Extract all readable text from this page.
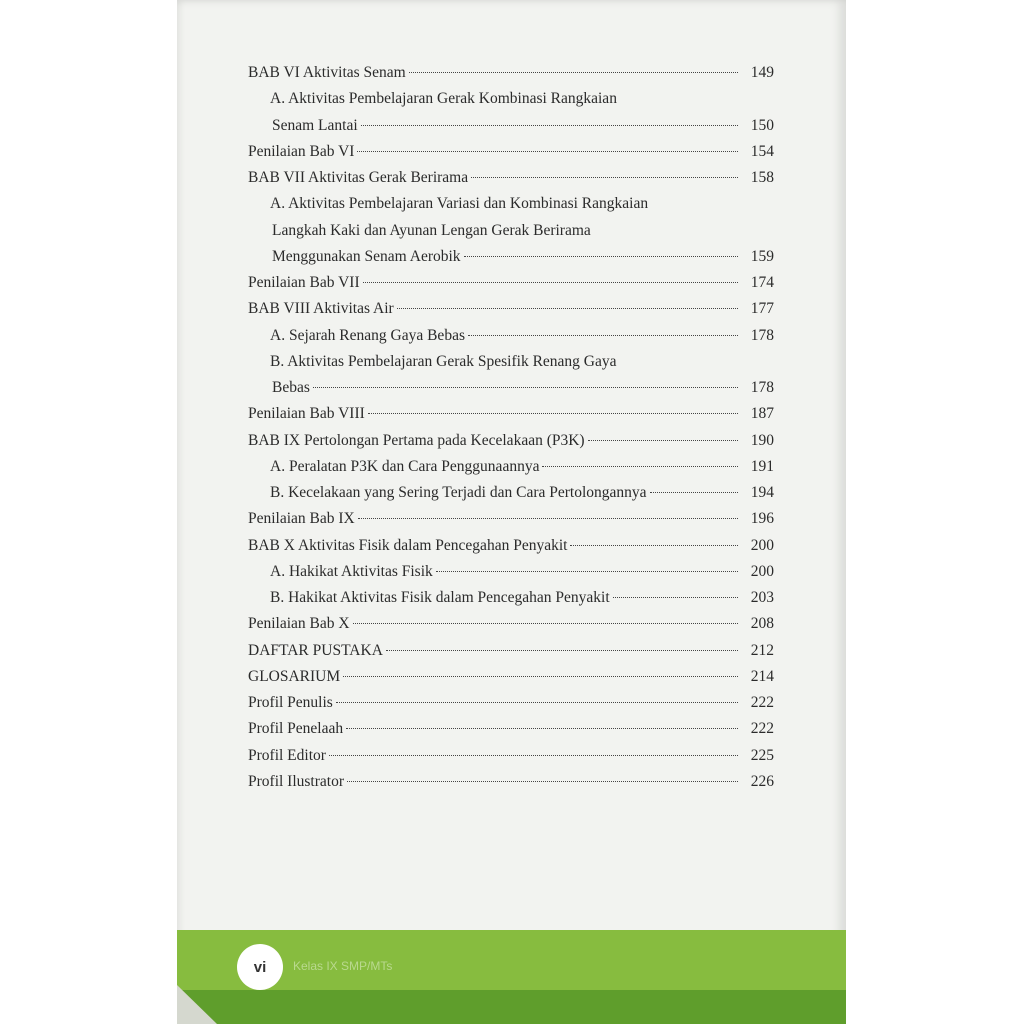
BAB VI Aktivitas Senam	149
A. Aktivitas Pembelajaran Gerak Kombinasi Rangkaian
Senam Lantai	150
Penilaian Bab VI	154
BAB VII Aktivitas Gerak Berirama	158
A. Aktivitas Pembelajaran Variasi dan Kombinasi Rangkaian
Langkah Kaki dan Ayunan Lengan Gerak Berirama
Menggunakan Senam Aerobik	159
Penilaian Bab VII	174
BAB VIII Aktivitas Air	177
A. Sejarah Renang Gaya Bebas	178
B. Aktivitas Pembelajaran Gerak Spesifik Renang Gaya
Bebas	178
Penilaian Bab VIII	187
BAB IX Pertolongan Pertama pada Kecelakaan (P3K)	190
A. Peralatan P3K dan Cara Penggunaannya	191
B. Kecelakaan yang Sering Terjadi dan Cara Pertolongannya	194
Penilaian Bab IX	196
BAB X Aktivitas Fisik dalam Pencegahan Penyakit	200
A. Hakikat Aktivitas Fisik	200
B. Hakikat Aktivitas Fisik dalam Pencegahan Penyakit	203
Penilaian Bab X	208
DAFTAR PUSTAKA	212
GLOSARIUM	214
Profil Penulis	222
Profil Penelaah	222
Profil Editor	225
Profil Ilustrator	226
vi	Kelas IX SMP/MTs
